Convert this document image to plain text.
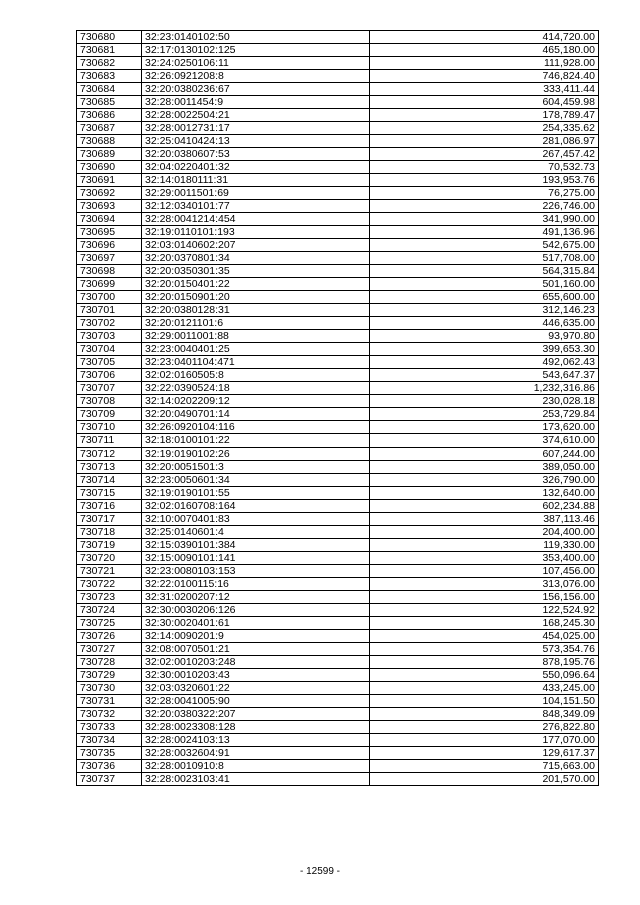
730680	32:23:0140102:50	414,720.00
730681	32:17:0130102:125	465,180.00
730682	32:24:0250106:11	111,928.00
730683	32:26:0921208:8	746,824.40
730684	32:20:0380236:67	333,411.44
730685	32:28:0011454:9	604,459.98
730686	32:28:0022504:21	178,789.47
730687	32:28:0012731:17	254,335.62
730688	32:25:0410424:13	281,086.97
730689	32:20:0380607:53	267,457.42
730690	32:04:0220401:32	70,532.73
730691	32:14:0180111:31	193,953.76
730692	32:29:0011501:69	76,275.00
730693	32:12:0340101:77	226,746.00
730694	32:28:0041214:454	341,990.00
730695	32:19:0110101:193	491,136.96
730696	32:03:0140602:207	542,675.00
730697	32:20:0370801:34	517,708.00
730698	32:20:0350301:35	564,315.84
730699	32:20:0150401:22	501,160.00
730700	32:20:0150901:20	655,600.00
730701	32:20:0380128:31	312,146.23
730702	32:20:0121101:6	446,635.00
730703	32:29:0011001:88	93,970.80
730704	32:23:0040401:25	399,653.30
730705	32:23:0401104:471	492,062.43
730706	32:02:0160505:8	543,647.37
730707	32:22:0390524:18	1,232,316.86
730708	32:14:0202209:12	230,028.18
730709	32:20:0490701:14	253,729.84
730710	32:26:0920104:116	173,620.00
730711	32:18:0100101:22	374,610.00
730712	32:19:0190102:26	607,244.00
730713	32:20:0051501:3	389,050.00
730714	32:23:0050601:34	326,790.00
730715	32:19:0190101:55	132,640.00
730716	32:02:0160708:164	602,234.88
730717	32:10:0070401:83	387,113.46
730718	32:25:0140601:4	204,400.00
730719	32:15:0390101:384	119,330.00
730720	32:15:0090101:141	353,400.00
730721	32:23:0080103:153	107,456.00
730722	32:22:0100115:16	313,076.00
730723	32:31:0200207:12	156,156.00
730724	32:30:0030206:126	122,524.92
730725	32:30:0020401:61	168,245.30
730726	32:14:0090201:9	454,025.00
730727	32:08:0070501:21	573,354.76
730728	32:02:0010203:248	878,195.76
730729	32:30:0010203:43	550,096.64
730730	32:03:0320601:22	433,245.00
730731	32:28:0041005:90	104,151.50
730732	32:20:0380322:207	848,349.09
730733	32:28:0023308:128	276,822.80
730734	32:28:0024103:13	177,070.00
730735	32:28:0032604:91	129,617.37
730736	32:28:0010910:8	715,663.00
730737	32:28:0023103:41	201,570.00
- 12599 -
